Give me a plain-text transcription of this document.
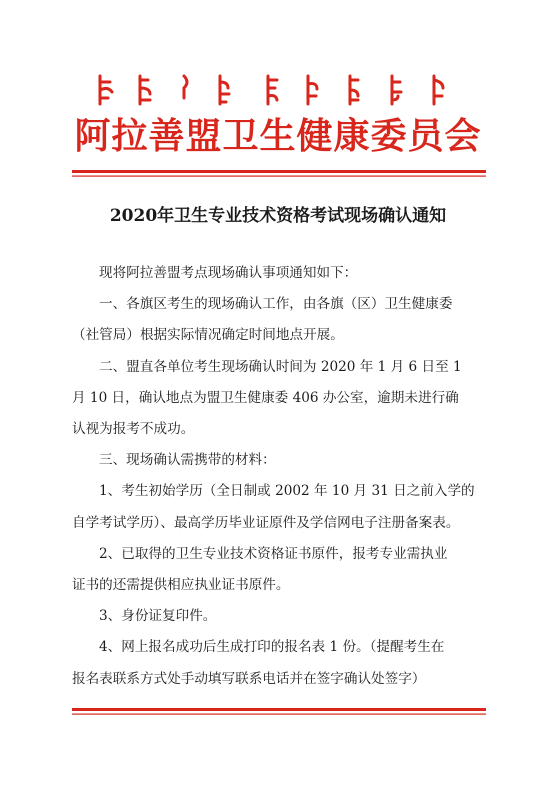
阿拉善盟卫生健康委员会
2020年卫生专业技术资格考试现场确认通知

现将阿拉善盟考点现场确认事项通知如下：

一、各旗区考生的现场确认工作，由各旗（区）卫生健康委

（社管局）根据实际情况确定时间地点开展。

二、盟直各单位考生现场确认时间为 2020 年 1 月 6 日至 1

月 10 日，确认地点为盟卫生健康委 406 办公室，逾期未进行确

认视为报考不成功。

三、现场确认需携带的材料：

1、考生初始学历（全日制或 2002 年 10 月 31 日之前入学的

自学考试学历）、最高学历毕业证原件及学信网电子注册备案表。

2、已取得的卫生专业技术资格证书原件，报考专业需执业

证书的还需提供相应执业证书原件。

3、身份证复印件。

4、网上报名成功后生成打印的报名表 1 份。（提醒考生在

报名表联系方式处手动填写联系电话并在签字确认处签字）
